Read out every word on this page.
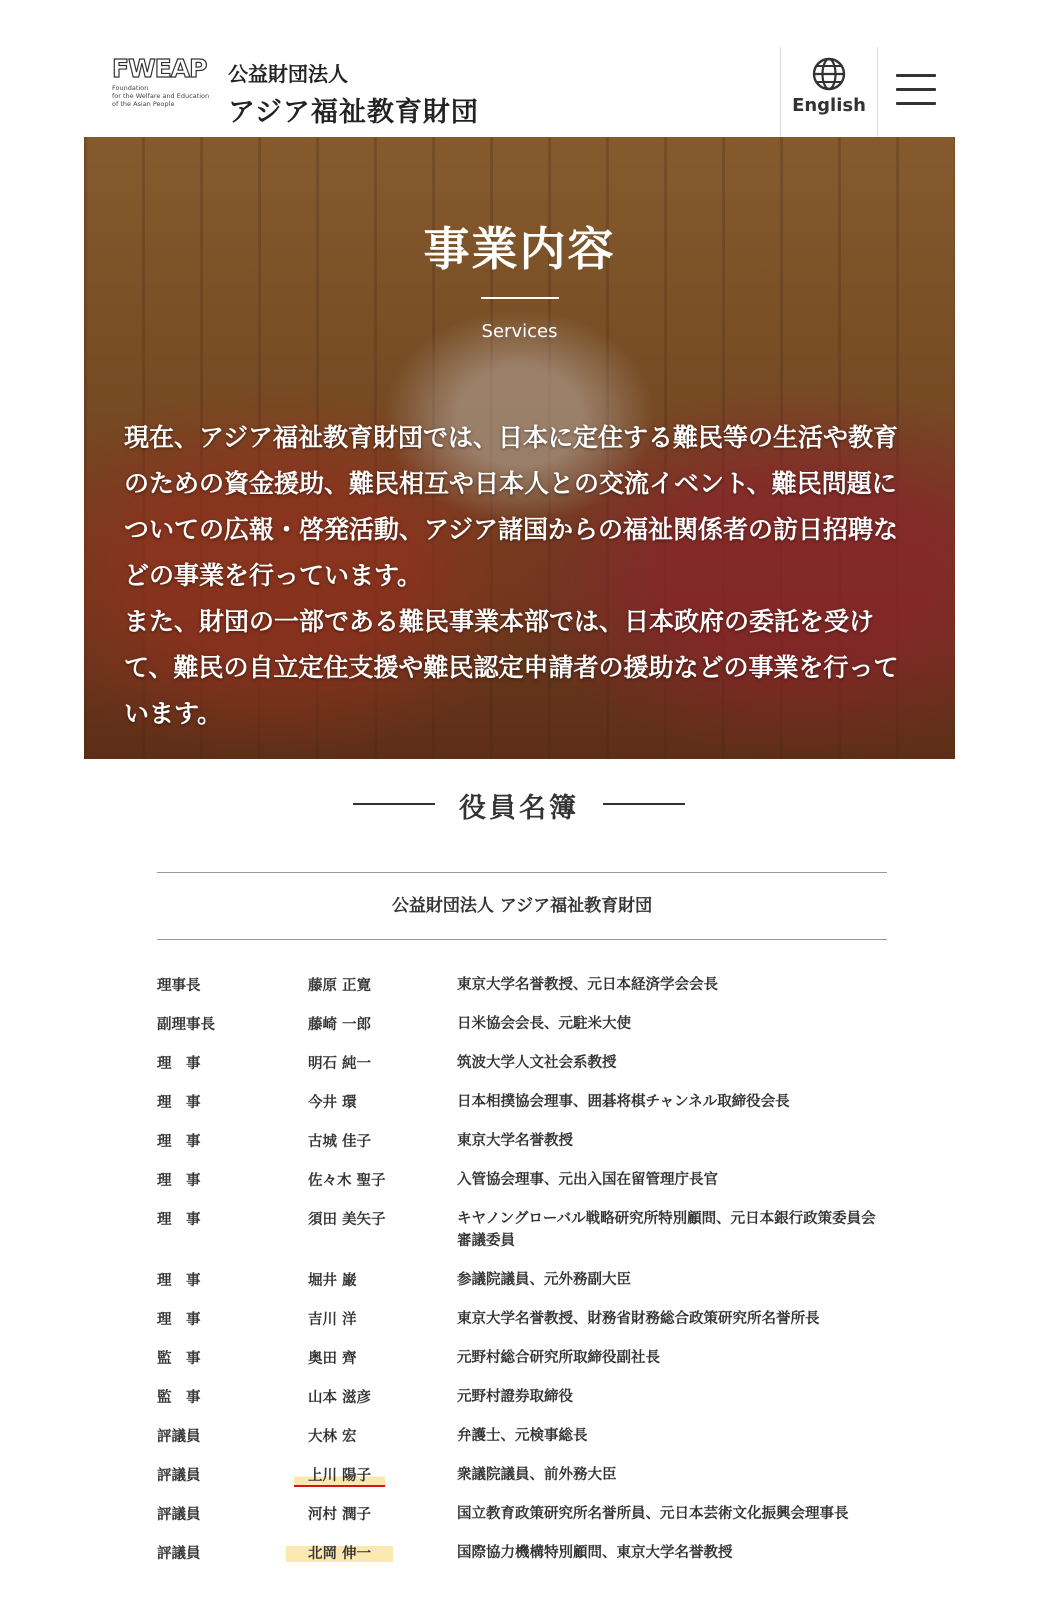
FWEAP
Foundation
for the Welfare and Education
of the Asian People
公益財団法人
アジア福祉教育財団	English
事業内容
Services
現在、アジア福祉教育財団では、日本に定住する難民等の生活や教育のための資金援助、難民相互や日本人との交流イベント、難民問題についての広報・啓発活動、アジア諸国からの福祉関係者の訪日招聘などの事業を行っています。
また、財団の一部である難民事業本部では、日本政府の委託を受けて、難民の自立定住支援や難民認定申請者の援助などの事業を行っています。
役員名簿
公益財団法人 アジア福祉教育財団
理事長	藤原 正寛	東京大学名誉教授、元日本経済学会会長
副理事長	藤崎 一郎	日米協会会長、元駐米大使
理　事	明石 純一	筑波大学人文社会系教授
理　事	今井 環	日本相撲協会理事、囲碁将棋チャンネル取締役会長
理　事	古城 佳子	東京大学名誉教授
理　事	佐々木 聖子	入管協会理事、元出入国在留管理庁長官
理　事	須田 美矢子	キヤノングローバル戦略研究所特別顧問、元日本銀行政策委員会審議委員
理　事	堀井 巌	参議院議員、元外務副大臣
理　事	吉川 洋	東京大学名誉教授、財務省財務総合政策研究所名誉所長
監　事	奥田 齊	元野村総合研究所取締役副社長
監　事	山本 滋彦	元野村證券取締役
評議員	大林 宏	弁護士、元検事総長
評議員	上川 陽子	衆議院議員、前外務大臣
評議員	河村 潤子	国立教育政策研究所名誉所員、元日本芸術文化振興会理事長
評議員	北岡 伸一	国際協力機構特別顧問、東京大学名誉教授
